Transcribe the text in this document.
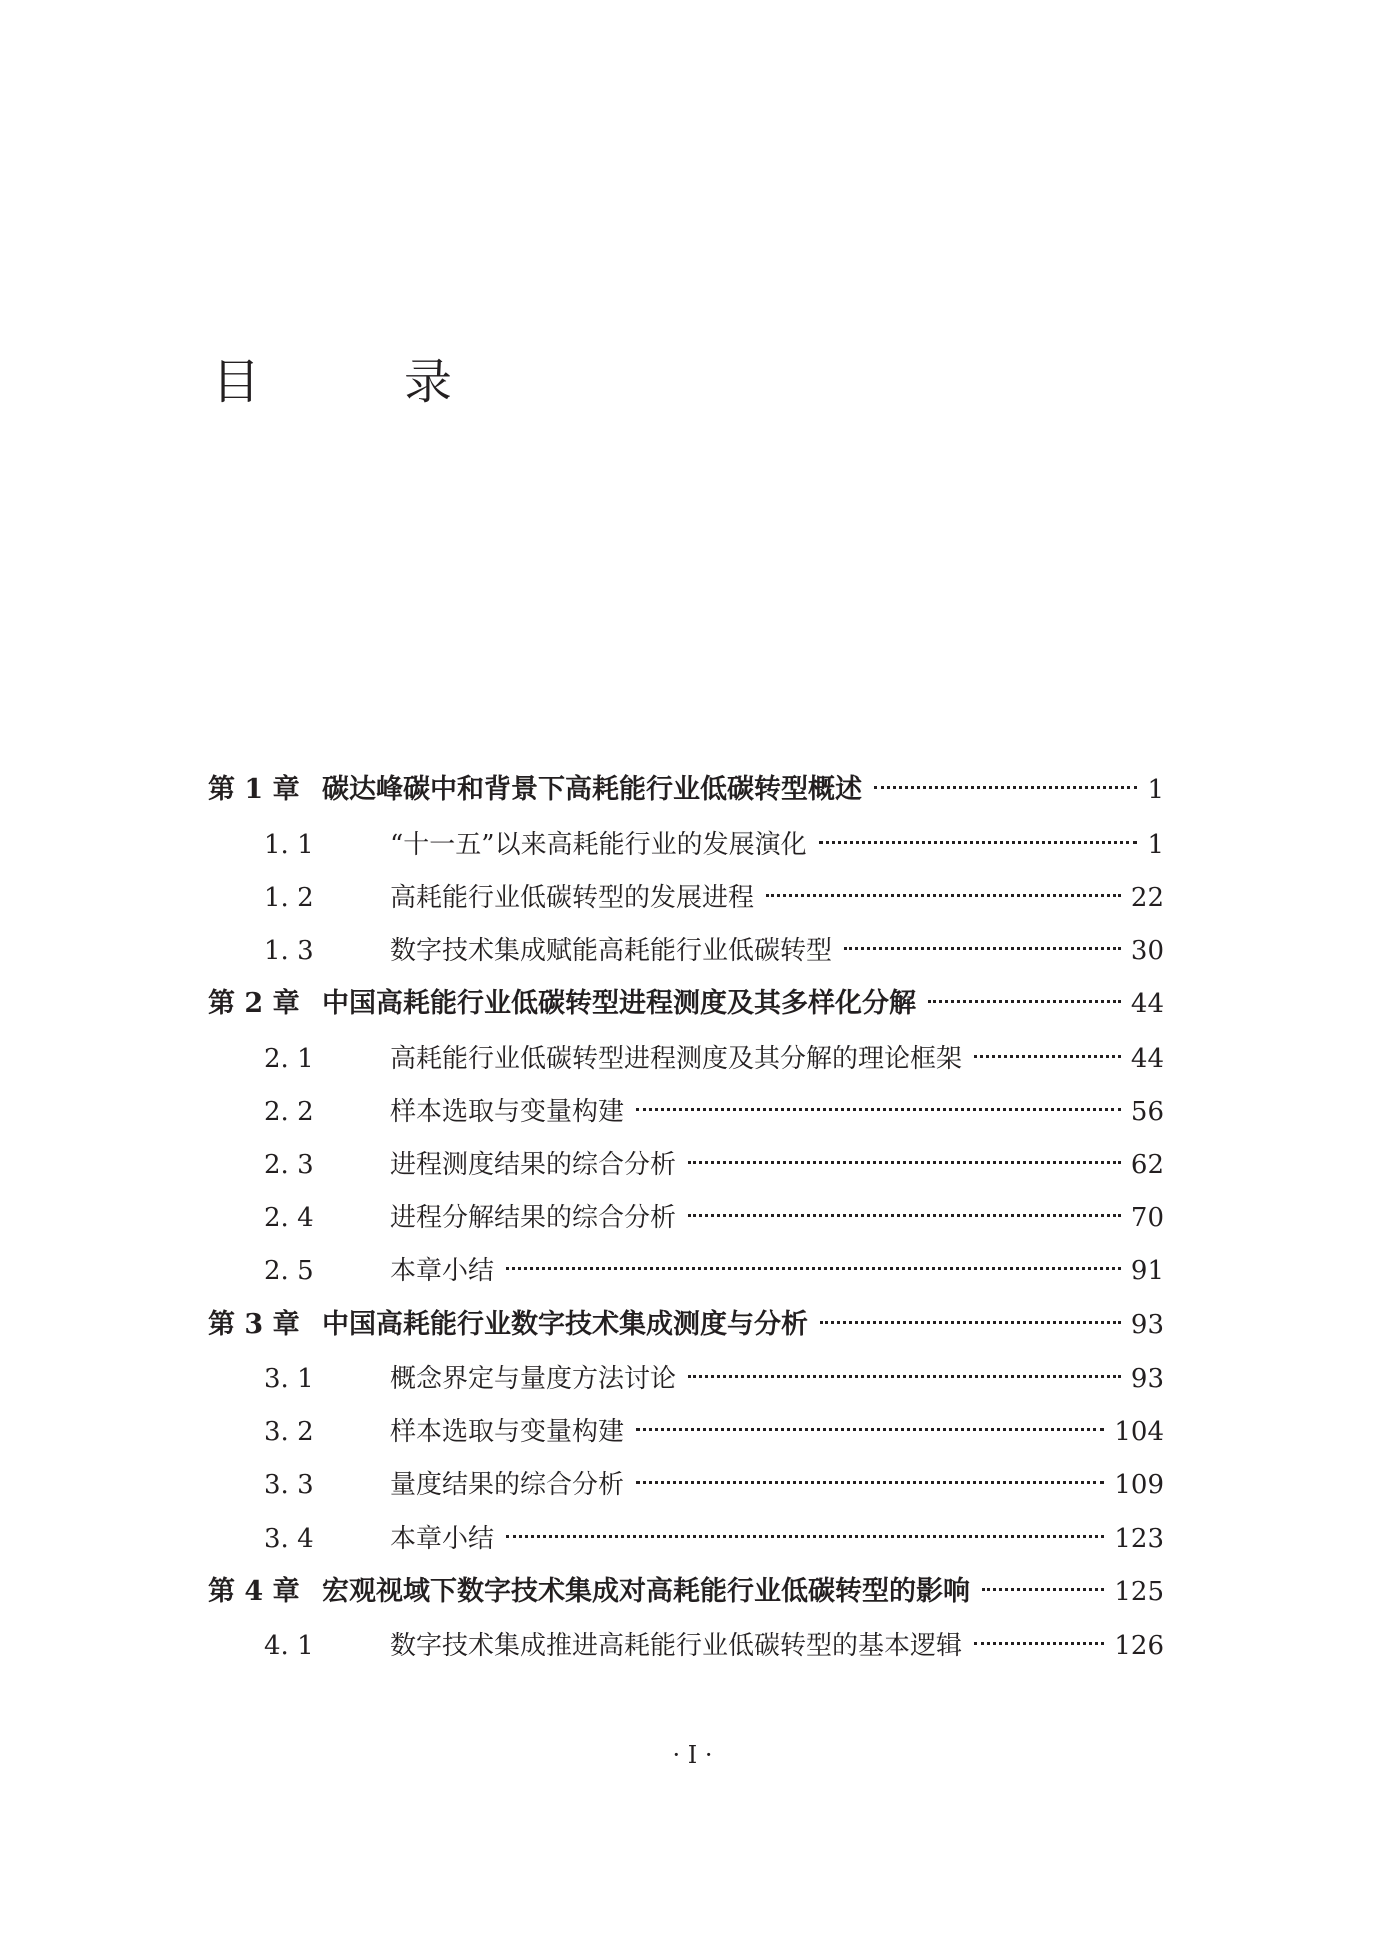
目　　　录
第 1 章 碳达峰碳中和背景下高耗能行业低碳转型概述	1
1. 1	“十一五”以来高耗能行业的发展演化	1
1. 2	高耗能行业低碳转型的发展进程	22
1. 3	数字技术集成赋能高耗能行业低碳转型	30
第 2 章 中国高耗能行业低碳转型进程测度及其多样化分解	44
2. 1	高耗能行业低碳转型进程测度及其分解的理论框架	44
2. 2	样本选取与变量构建	56
2. 3	进程测度结果的综合分析	62
2. 4	进程分解结果的综合分析	70
2. 5	本章小结	91
第 3 章 中国高耗能行业数字技术集成测度与分析	93
3. 1	概念界定与量度方法讨论	93
3. 2	样本选取与变量构建	104
3. 3	量度结果的综合分析	109
3. 4	本章小结	123
第 4 章 宏观视域下数字技术集成对高耗能行业低碳转型的影响	125
4. 1	数字技术集成推进高耗能行业低碳转型的基本逻辑	126
· I ·
